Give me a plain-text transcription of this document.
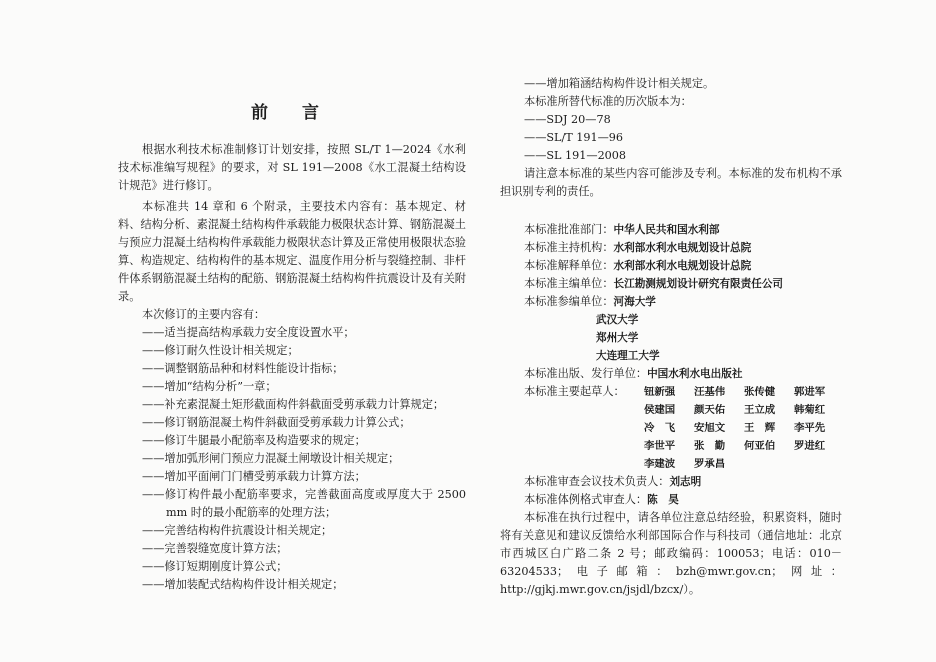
前 言

根据水利技术标准制修订计划安排，按照 SL/T 1—2024《水利技术标准编写规程》的要求，对 SL 191—2008《水工混凝土结构设计规范》进行修订。

本标准共 14 章和 6 个附录，主要技术内容有：基本规定、材料、结构分析、素混凝土结构构件承载能力极限状态计算、钢筋混凝土与预应力混凝土结构构件承载能力极限状态计算及正常使用极限状态验算、构造规定、结构构件的基本规定、温度作用分析与裂缝控制、非杆件体系钢筋混凝土结构的配筋、钢筋混凝土结构构件抗震设计及有关附录。

本次修订的主要内容有：

——适当提高结构承载力安全度设置水平；

——修订耐久性设计相关规定；

——调整钢筋品种和材料性能设计指标；

——增加“结构分析”一章；

——补充素混凝土矩形截面构件斜截面受剪承载力计算规定；

——修订钢筋混凝土构件斜截面受剪承载力计算公式；

——修订牛腿最小配筋率及构造要求的规定；

——增加弧形闸门预应力混凝土闸墩设计相关规定；

——增加平面闸门门槽受剪承载力计算方法；

——修订构件最小配筋率要求，完善截面高度或厚度大于 2500 mm 时的最小配筋率的处理方法；

——完善结构构件抗震设计相关规定；

——完善裂缝宽度计算方法；

——修订短期刚度计算公式；

——增加装配式结构构件设计相关规定；

——增加箱涵结构构件设计相关规定。

本标准所替代标准的历次版本为：

——SDJ 20—78

——SL/T 191—96

——SL 191—2008

请注意本标准的某些内容可能涉及专利。本标准的发布机构不承担识别专利的责任。

本标准批准部门：中华人民共和国水利部
本标准主持机构：水利部水利水电规划设计总院
本标准解释单位：水利部水利水电规划设计总院
本标准主编单位：长江勘测规划设计研究有限责任公司
本标准参编单位：河海大学
武汉大学
郑州大学
大连理工大学
本标准出版、发行单位：中国水利水电出版社
本标准主要起草人：	钮新强	汪基伟	张传健	郭进军
侯建国	颜天佑	王立成	韩菊红
冷　飞	安旭文	王　辉	李平先
李世平	张　勤	何亚伯	罗进红
李建波	罗承昌
本标准审查会议技术负责人：刘志明
本标准体例格式审查人：陈　昊

本标准在执行过程中，请各单位注意总结经验，积累资料，随时将有关意见和建议反馈给水利部国际合作与科技司（通信地址：北京市西城区白广路二条 2 号；邮政编码：100053；电话：010－63204533；电子邮箱：bzh@mwr.gov.cn；网址：http://gjkj.mwr.gov.cn/jsjdl/bzcx/）。
